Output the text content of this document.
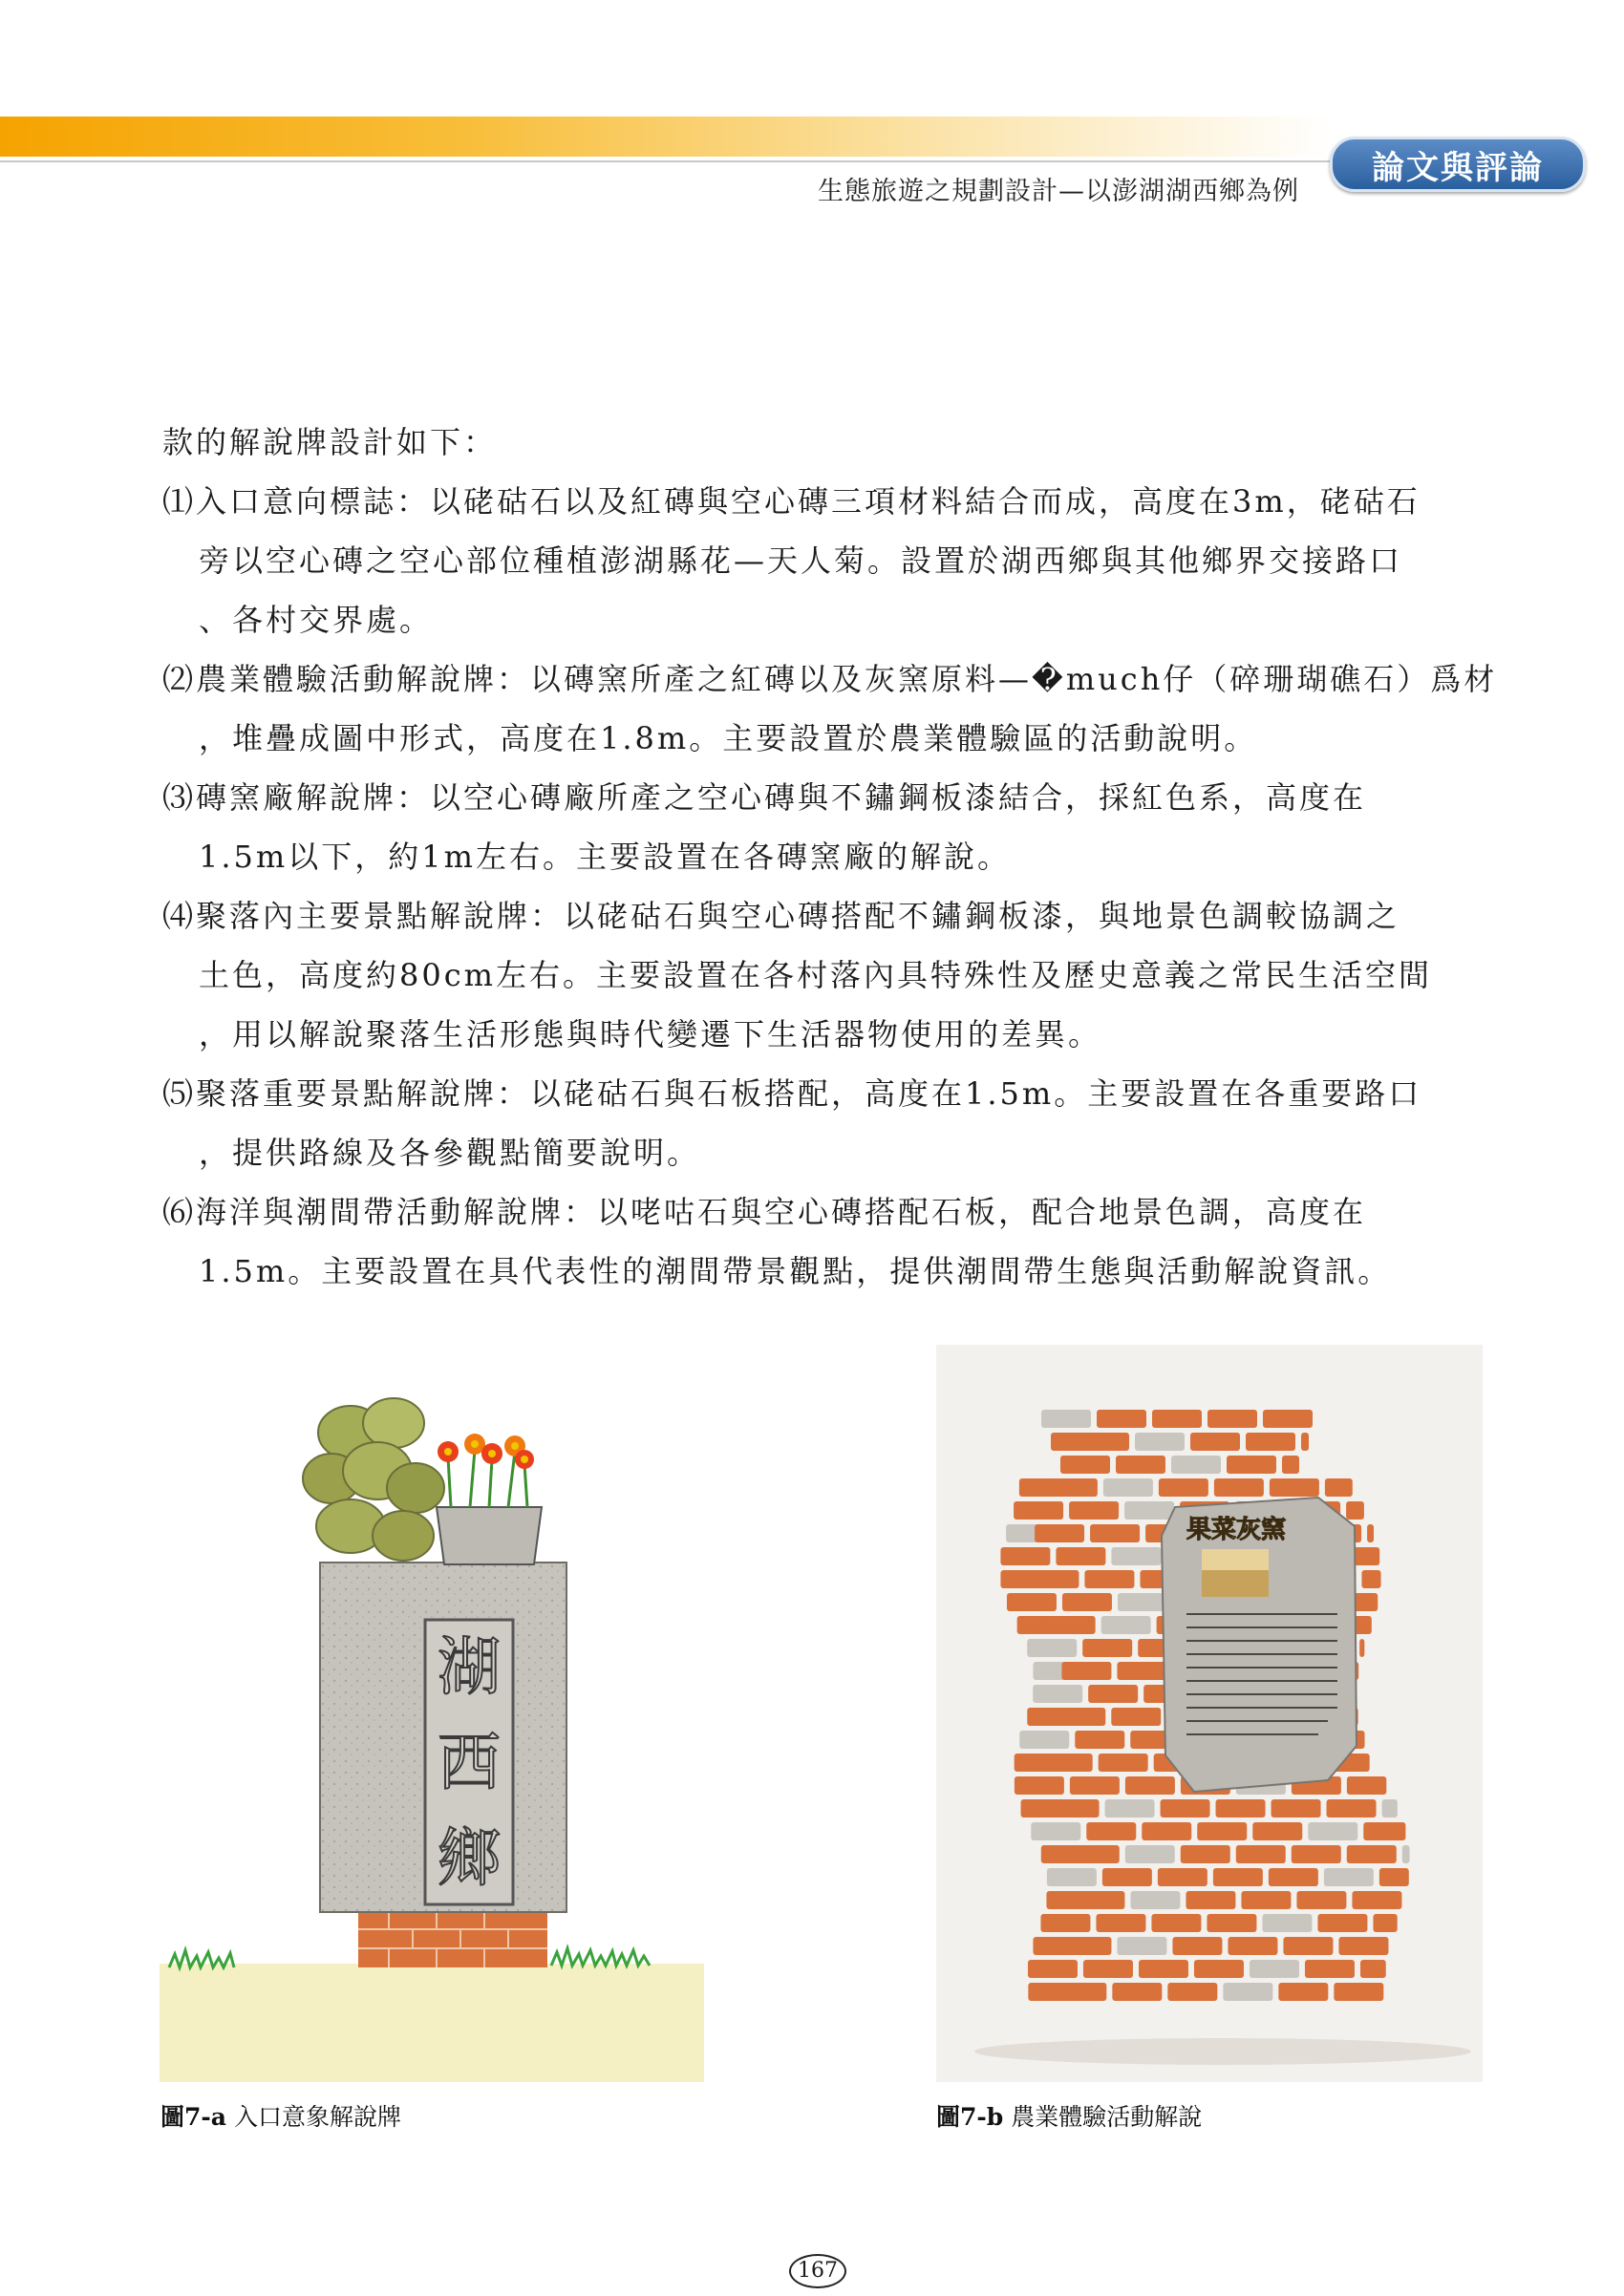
生態旅遊之規劃設計—以澎湖湖西鄉為例
論文與評論
款的解說牌設計如下：
⑴入口意向標誌：以硓𥑮石以及紅磚與空心磚三項材料結合而成，高度在3m，硓𥑮石
旁以空心磚之空心部位種植澎湖縣花—天人菊。設置於湖西鄉與其他鄉界交接路口
、各村交界處。
⑵農業體驗活動解說牌：以磚窯所產之紅磚以及灰窯原料—�much仔（碎珊瑚礁石）爲材
，堆疊成圖中形式，高度在1.8m。主要設置於農業體驗區的活動說明。
⑶磚窯廠解說牌：以空心磚廠所產之空心磚與不鏽鋼板漆結合，採紅色系，高度在
1.5m以下，約1m左右。主要設置在各磚窯廠的解說。
⑷聚落內主要景點解說牌：以硓𥑮石與空心磚搭配不鏽鋼板漆，與地景色調較協調之
土色，高度約80cm左右。主要設置在各村落內具特殊性及歷史意義之常民生活空間
，用以解說聚落生活形態與時代變遷下生活器物使用的差異。
⑸聚落重要景點解說牌：以硓𥑮石與石板搭配，高度在1.5m。主要設置在各重要路口
，提供路線及各參觀點簡要說明。
⑹海洋與潮間帶活動解說牌：以咾咕石與空心磚搭配石板，配合地景色調，高度在
1.5m。主要設置在具代表性的潮間帶景觀點，提供潮間帶生態與活動解說資訊。
湖
西
鄉
果菜灰窯
圖7-a 入口意象解說牌	圖7-b 農業體驗活動解說
167
